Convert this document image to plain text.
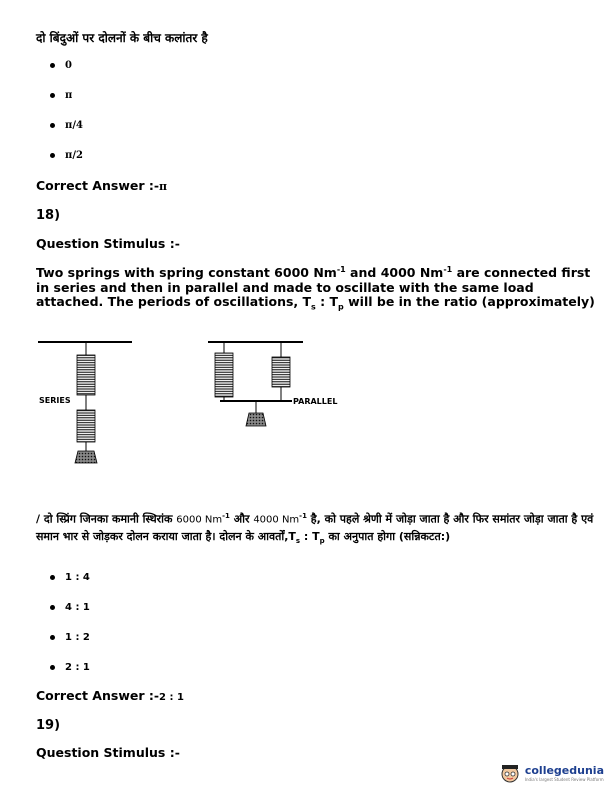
दो बिंदुओं पर दोलनों के बीच कलांतर है
0
π
π/4
π/2
Correct Answer :-π
18)
Question Stimulus :-
Two springs with spring constant 6000 $Nm^{-1}$ and 4000 $Nm^{-1}$ are connected first in series and then in parallel and made to oscillate with the same load attached. The periods of oscillations, $T_s$ : $T_p$ will be in the ratio (approximately)
SERIES	PARALLEL
/ दो स्प्रिंग जिनका कमानी स्थिरांक 6000 $Nm^{-1}$ और 4000 $Nm^{-1}$ है, को पहले श्रेणी में जोड़ा जाता है और फिर समांतर जोड़ा जाता है एवं समान भार से जोड़कर दोलन कराया जाता है। दोलन के $आवर्तों,T_s$ : $T_p$ का अनुपात होगा (सन्निकटत:)
1 : 4
4 : 1
1 : 2
2 : 1
Correct Answer :-2 : 1
19)
Question Stimulus :-
collegedunia
India's largest Student Review Platform
